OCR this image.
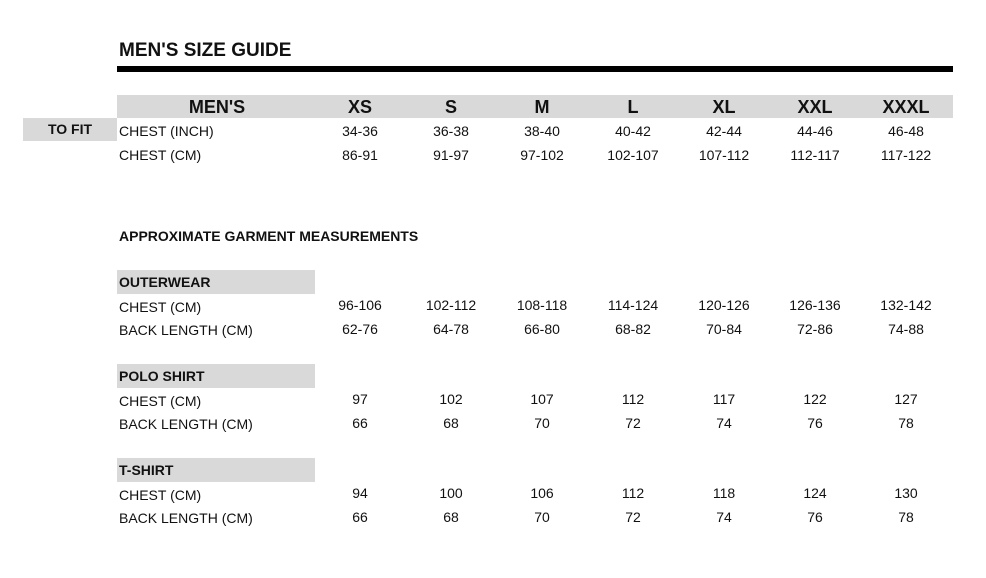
MEN'S SIZE GUIDE
MEN'S	XS	S	M	L	XL	XXL	XXXL
TO FIT	CHEST (INCH)	34-36	36-38	38-40	40-42	42-44	44-46	46-48
CHEST (CM)	86-91	91-97	97-102	102-107	107-112	112-117	117-122
APPROXIMATE GARMENT MEASUREMENTS
OUTERWEAR
CHEST (CM)	96-106	102-112	108-118	114-124	120-126	126-136	132-142
BACK LENGTH (CM)	62-76	64-78	66-80	68-82	70-84	72-86	74-88
POLO SHIRT
CHEST (CM)	97	102	107	112	117	122	127
BACK LENGTH (CM)	66	68	70	72	74	76	78
T-SHIRT
CHEST (CM)	94	100	106	112	118	124	130
BACK LENGTH (CM)	66	68	70	72	74	76	78
